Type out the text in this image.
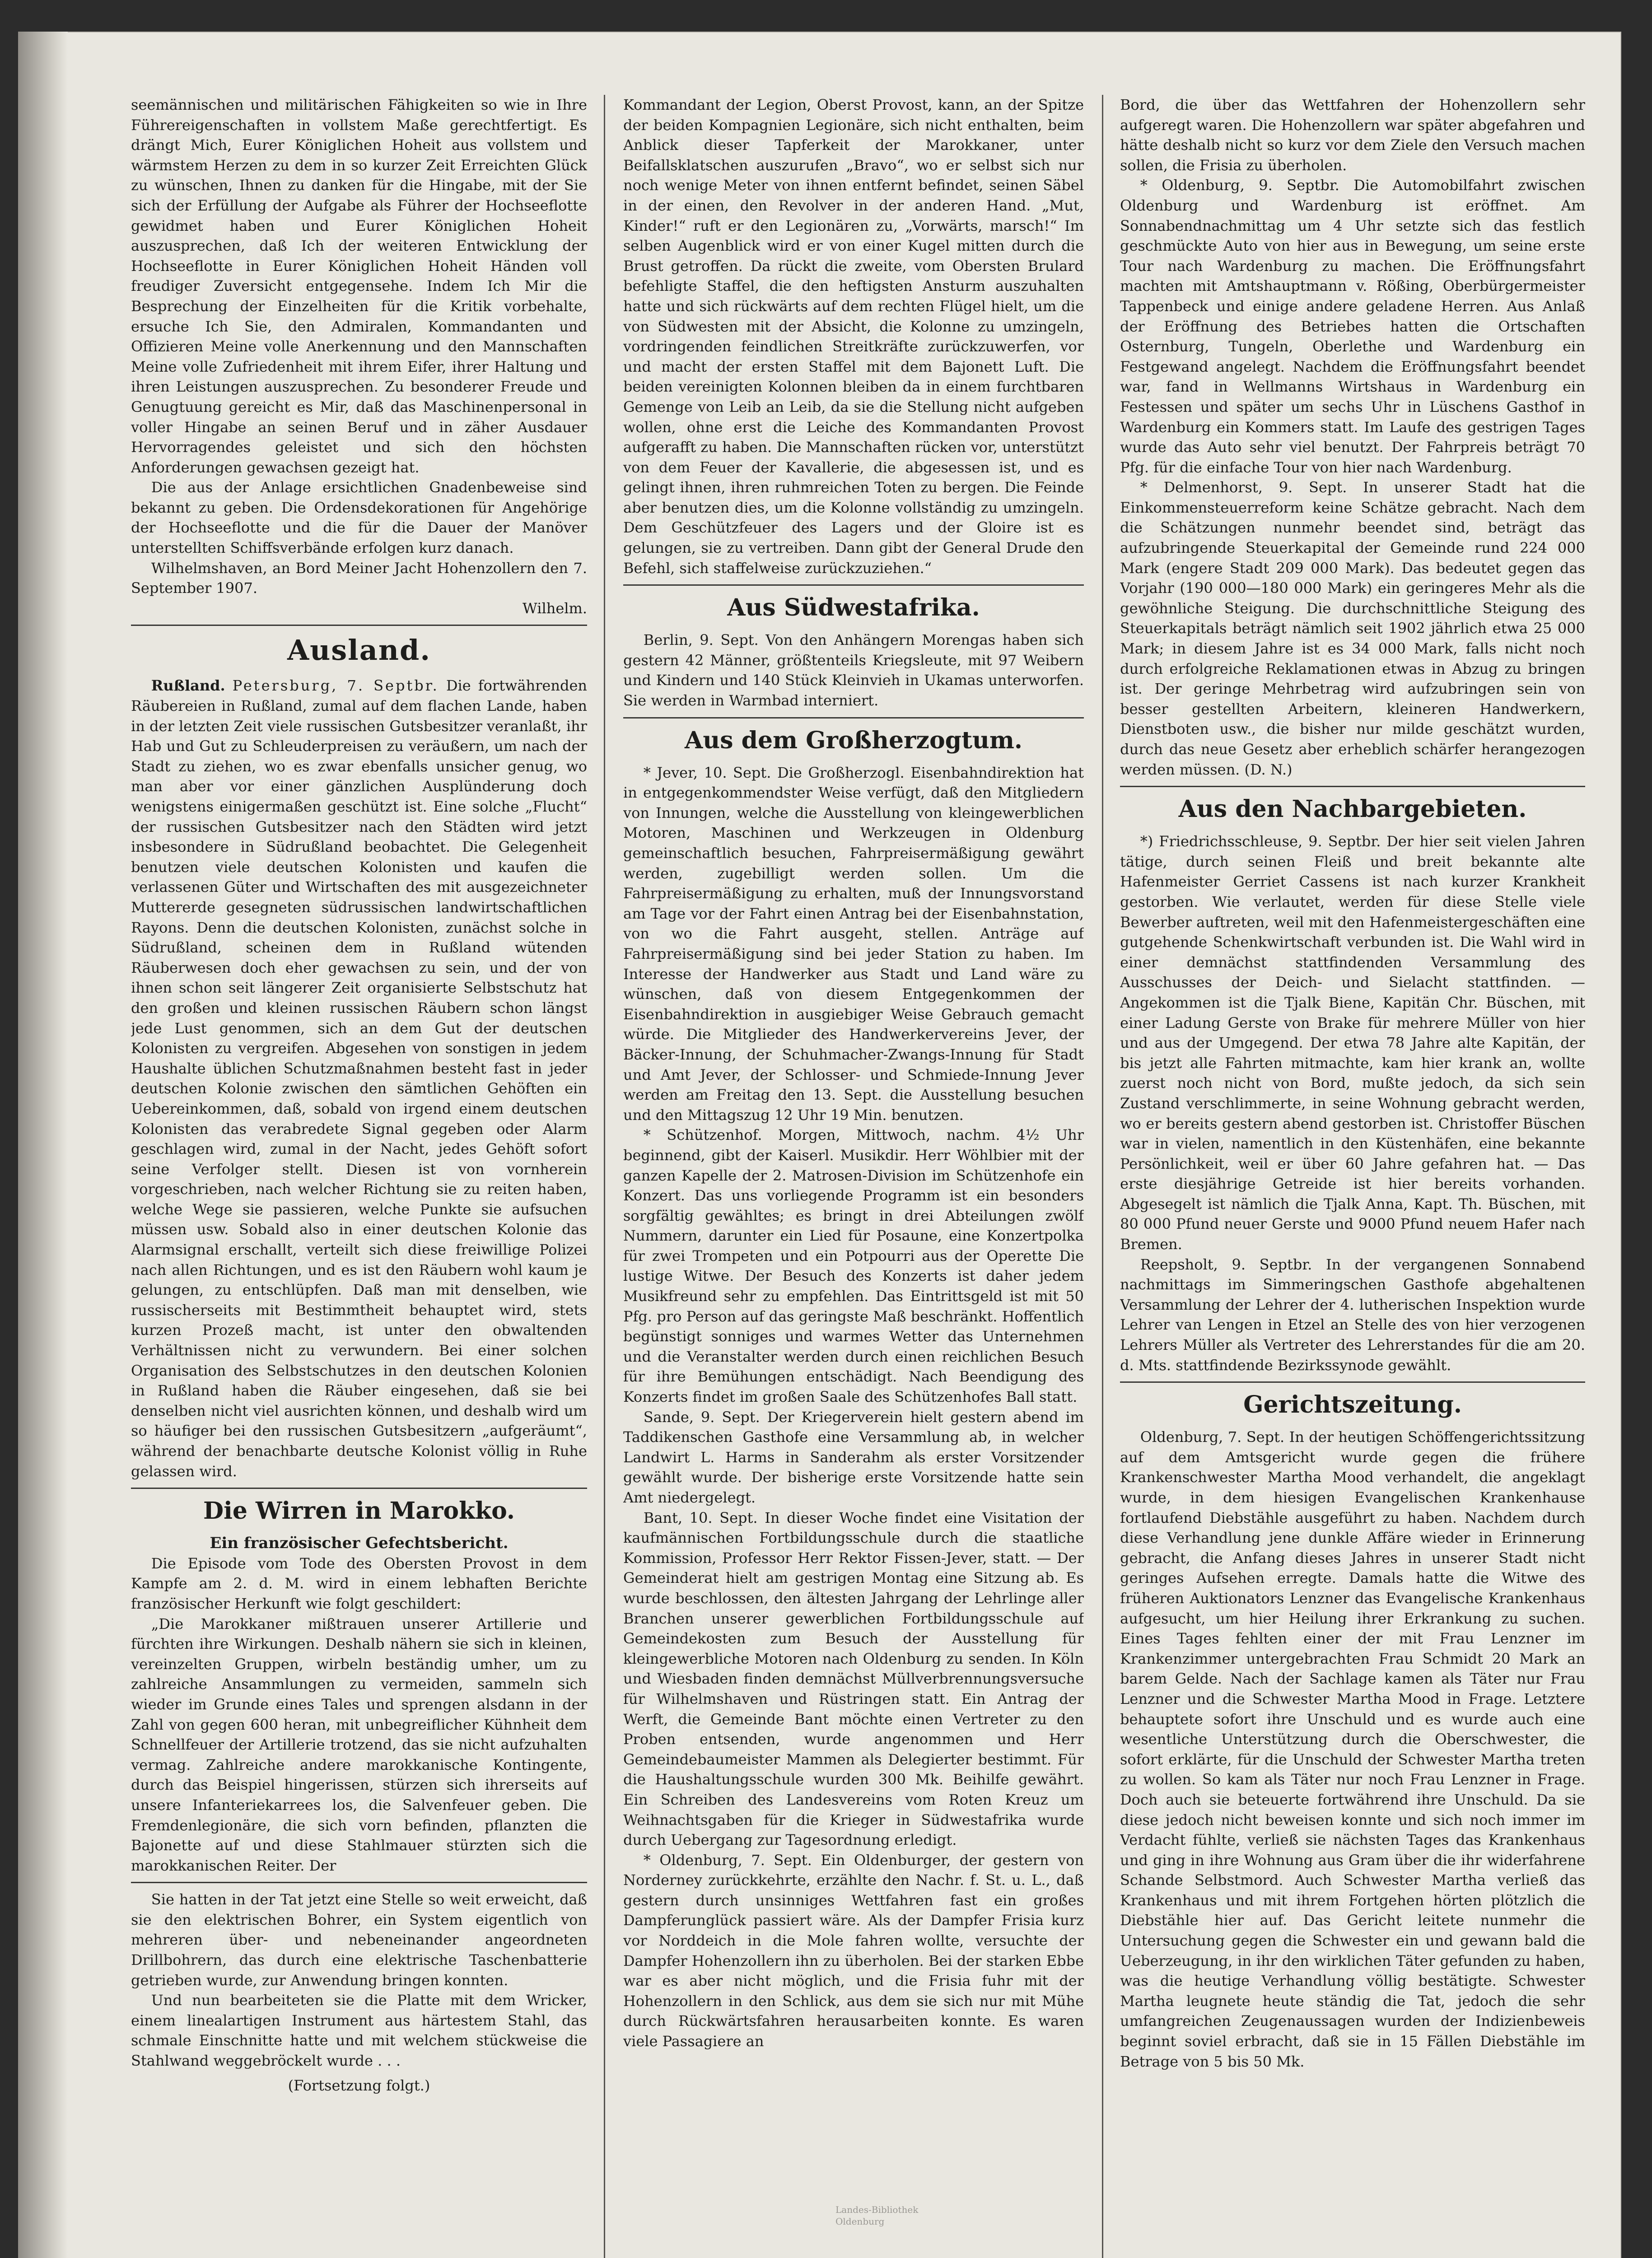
seemännischen und militärischen Fähigkeiten so wie in Ihre Führereigenschaften in vollstem Maße gerechtfertigt. Es drängt Mich, Eurer Königlichen Hoheit aus vollstem und wärmstem Herzen zu dem in so kurzer Zeit Erreichten Glück zu wünschen, Ihnen zu danken für die Hingabe, mit der Sie sich der Erfüllung der Aufgabe als Führer der Hochseeflotte gewidmet haben und Eurer Königlichen Hoheit auszusprechen, daß Ich der weiteren Entwicklung der Hochseeflotte in Eurer Königlichen Hoheit Händen voll freudiger Zuversicht entgegensehe. Indem Ich Mir die Besprechung der Einzelheiten für die Kritik vorbehalte, ersuche Ich Sie, den Admiralen, Kommandanten und Offizieren Meine volle Anerkennung und den Mannschaften Meine volle Zufriedenheit mit ihrem Eifer, ihrer Haltung und ihren Leistungen auszusprechen. Zu besonderer Freude und Genugtuung gereicht es Mir, daß das Maschinenpersonal in voller Hingabe an seinen Beruf und in zäher Ausdauer Hervorragendes geleistet und sich den höchsten Anforderungen gewachsen gezeigt hat.

Die aus der Anlage ersichtlichen Gnadenbeweise sind bekannt zu geben. Die Ordensdekorationen für Angehörige der Hochseeflotte und die für die Dauer der Manöver unterstellten Schiffsverbände erfolgen kurz danach.

Wilhelmshaven, an Bord Meiner Jacht Hohenzollern den 7. September 1907.

Wilhelm.

Ausland.

Rußland. Petersburg, 7. Septbr. Die fortwährenden Räubereien in Rußland, zumal auf dem flachen Lande, haben in der letzten Zeit viele russischen Gutsbesitzer veranlaßt, ihr Hab und Gut zu Schleuderpreisen zu veräußern, um nach der Stadt zu ziehen, wo es zwar ebenfalls unsicher genug, wo man aber vor einer gänzlichen Ausplünderung doch wenigstens einigermaßen geschützt ist. Eine solche „Flucht“ der russischen Gutsbesitzer nach den Städten wird jetzt insbesondere in Südrußland beobachtet. Die Gelegenheit benutzen viele deutschen Kolonisten und kaufen die verlassenen Güter und Wirtschaften des mit ausgezeichneter Muttererde gesegneten südrussischen landwirtschaftlichen Rayons. Denn die deutschen Kolonisten, zunächst solche in Südrußland, scheinen dem in Rußland wütenden Räuberwesen doch eher gewachsen zu sein, und der von ihnen schon seit längerer Zeit organisierte Selbstschutz hat den großen und kleinen russischen Räubern schon längst jede Lust genommen, sich an dem Gut der deutschen Kolonisten zu vergreifen. Abgesehen von sonstigen in jedem Haushalte üblichen Schutzmaßnahmen besteht fast in jeder deutschen Kolonie zwischen den sämtlichen Gehöften ein Uebereinkommen, daß, sobald von irgend einem deutschen Kolonisten das verabredete Signal gegeben oder Alarm geschlagen wird, zumal in der Nacht, jedes Gehöft sofort seine Verfolger stellt. Diesen ist von vornherein vorgeschrieben, nach welcher Richtung sie zu reiten haben, welche Wege sie passieren, welche Punkte sie aufsuchen müssen usw. Sobald also in einer deutschen Kolonie das Alarmsignal erschallt, verteilt sich diese freiwillige Polizei nach allen Richtungen, und es ist den Räubern wohl kaum je gelungen, zu entschlüpfen. Daß man mit denselben, wie russischerseits mit Bestimmtheit behauptet wird, stets kurzen Prozeß macht, ist unter den obwaltenden Verhältnissen nicht zu verwundern. Bei einer solchen Organisation des Selbstschutzes in den deutschen Kolonien in Rußland haben die Räuber eingesehen, daß sie bei denselben nicht viel ausrichten können, und deshalb wird um so häufiger bei den russischen Gutsbesitzern „aufgeräumt“, während der benachbarte deutsche Kolonist völlig in Ruhe gelassen wird.

Die Wirren in Marokko.
Ein französischer Gefechtsbericht.

Die Episode vom Tode des Obersten Provost in dem Kampfe am 2. d. M. wird in einem lebhaften Berichte französischer Herkunft wie folgt geschildert:

„Die Marokkaner mißtrauen unserer Artillerie und fürchten ihre Wirkungen. Deshalb nähern sie sich in kleinen, vereinzelten Gruppen, wirbeln beständig umher, um zu zahlreiche Ansammlungen zu vermeiden, sammeln sich wieder im Grunde eines Tales und sprengen alsdann in der Zahl von gegen 600 heran, mit unbegreiflicher Kühnheit dem Schnellfeuer der Artillerie trotzend, das sie nicht aufzuhalten vermag. Zahlreiche andere marokkanische Kontingente, durch das Beispiel hingerissen, stürzen sich ihrerseits auf unsere Infanteriekarrees los, die Salvenfeuer geben. Die Fremdenlegionäre, die sich vorn befinden, pflanzten die Bajonette auf und diese Stahlmauer stürzten sich die marokkanischen Reiter. Der

Sie hatten in der Tat jetzt eine Stelle so weit erweicht, daß sie den elektrischen Bohrer, ein System eigentlich von mehreren über- und nebeneinander angeordneten Drillbohrern, das durch eine elektrische Taschenbatterie getrieben wurde, zur Anwendung bringen konnten.

Und nun bearbeiteten sie die Platte mit dem Wricker, einem linealartigen Instrument aus härtestem Stahl, das schmale Einschnitte hatte und mit welchem stückweise die Stahlwand weggebröckelt wurde . . .

(Fortsetzung folgt.)

Kommandant der Legion, Oberst Provost, kann, an der Spitze der beiden Kompagnien Legionäre, sich nicht enthalten, beim Anblick dieser Tapferkeit der Marokkaner, unter Beifallsklatschen auszurufen „Bravo“, wo er selbst sich nur noch wenige Meter von ihnen entfernt befindet, seinen Säbel in der einen, den Revolver in der anderen Hand. „Mut, Kinder!“ ruft er den Legionären zu, „Vorwärts, marsch!“ Im selben Augenblick wird er von einer Kugel mitten durch die Brust getroffen. Da rückt die zweite, vom Obersten Brulard befehligte Staffel, die den heftigsten Ansturm auszuhalten hatte und sich rückwärts auf dem rechten Flügel hielt, um die von Südwesten mit der Absicht, die Kolonne zu umzingeln, vordringenden feindlichen Streitkräfte zurückzuwerfen, vor und macht der ersten Staffel mit dem Bajonett Luft. Die beiden vereinigten Kolonnen bleiben da in einem furchtbaren Gemenge von Leib an Leib, da sie die Stellung nicht aufgeben wollen, ohne erst die Leiche des Kommandanten Provost aufgerafft zu haben. Die Mannschaften rücken vor, unterstützt von dem Feuer der Kavallerie, die abgesessen ist, und es gelingt ihnen, ihren ruhmreichen Toten zu bergen. Die Feinde aber benutzen dies, um die Kolonne vollständig zu umzingeln. Dem Geschützfeuer des Lagers und der Gloire ist es gelungen, sie zu vertreiben. Dann gibt der General Drude den Befehl, sich staffelweise zurückzuziehen.“

Aus Südwestafrika.

Berlin, 9. Sept. Von den Anhängern Morengas haben sich gestern 42 Männer, größtenteils Kriegsleute, mit 97 Weibern und Kindern und 140 Stück Kleinvieh in Ukamas unterworfen. Sie werden in Warmbad interniert.

Aus dem Großherzogtum.

* Jever, 10. Sept. Die Großherzogl. Eisenbahndirektion hat in entgegenkommendster Weise verfügt, daß den Mitgliedern von Innungen, welche die Ausstellung von kleingewerblichen Motoren, Maschinen und Werkzeugen in Oldenburg gemeinschaftlich besuchen, Fahrpreisermäßigung gewährt werden, zugebilligt werden sollen. Um die Fahrpreisermäßigung zu erhalten, muß der Innungsvorstand am Tage vor der Fahrt einen Antrag bei der Eisenbahnstation, von wo die Fahrt ausgeht, stellen. Anträge auf Fahrpreisermäßigung sind bei jeder Station zu haben. Im Interesse der Handwerker aus Stadt und Land wäre zu wünschen, daß von diesem Entgegenkommen der Eisenbahndirektion in ausgiebiger Weise Gebrauch gemacht würde. Die Mitglieder des Handwerkervereins Jever, der Bäcker-Innung, der Schuhmacher-Zwangs-Innung für Stadt und Amt Jever, der Schlosser- und Schmiede-Innung Jever werden am Freitag den 13. Sept. die Ausstellung besuchen und den Mittagszug 12 Uhr 19 Min. benutzen.

* Schützenhof. Morgen, Mittwoch, nachm. 4½ Uhr beginnend, gibt der Kaiserl. Musikdir. Herr Wöhlbier mit der ganzen Kapelle der 2. Matrosen-Division im Schützenhofe ein Konzert. Das uns vorliegende Programm ist ein besonders sorgfältig gewähltes; es bringt in drei Abteilungen zwölf Nummern, darunter ein Lied für Posaune, eine Konzertpolka für zwei Trompeten und ein Potpourri aus der Operette Die lustige Witwe. Der Besuch des Konzerts ist daher jedem Musikfreund sehr zu empfehlen. Das Eintrittsgeld ist mit 50 Pfg. pro Person auf das geringste Maß beschränkt. Hoffentlich begünstigt sonniges und warmes Wetter das Unternehmen und die Veranstalter werden durch einen reichlichen Besuch für ihre Bemühungen entschädigt. Nach Beendigung des Konzerts findet im großen Saale des Schützenhofes Ball statt.

Sande, 9. Sept. Der Kriegerverein hielt gestern abend im Taddikenschen Gasthofe eine Versammlung ab, in welcher Landwirt L. Harms in Sanderahm als erster Vorsitzender gewählt wurde. Der bisherige erste Vorsitzende hatte sein Amt niedergelegt.

Bant, 10. Sept. In dieser Woche findet eine Visitation der kaufmännischen Fortbildungsschule durch die staatliche Kommission, Professor Herr Rektor Fissen-Jever, statt. — Der Gemeinderat hielt am gestrigen Montag eine Sitzung ab. Es wurde beschlossen, den ältesten Jahrgang der Lehrlinge aller Branchen unserer gewerblichen Fortbildungsschule auf Gemeindekosten zum Besuch der Ausstellung für kleingewerbliche Motoren nach Oldenburg zu senden. In Köln und Wiesbaden finden demnächst Müllverbrennungsversuche für Wilhelmshaven und Rüstringen statt. Ein Antrag der Werft, die Gemeinde Bant möchte einen Vertreter zu den Proben entsenden, wurde angenommen und Herr Gemeindebaumeister Mammen als Delegierter bestimmt. Für die Haushaltungsschule wurden 300 Mk. Beihilfe gewährt. Ein Schreiben des Landesvereins vom Roten Kreuz um Weihnachtsgaben für die Krieger in Südwestafrika wurde durch Uebergang zur Tagesordnung erledigt.

* Oldenburg, 7. Sept. Ein Oldenburger, der gestern von Norderney zurückkehrte, erzählte den Nachr. f. St. u. L., daß gestern durch unsinniges Wettfahren fast ein großes Dampferunglück passiert wäre. Als der Dampfer Frisia kurz vor Norddeich in die Mole fahren wollte, versuchte der Dampfer Hohenzollern ihn zu überholen. Bei der starken Ebbe war es aber nicht möglich, und die Frisia fuhr mit der Hohenzollern in den Schlick, aus dem sie sich nur mit Mühe durch Rückwärtsfahren herausarbeiten konnte. Es waren viele Passagiere an

Bord, die über das Wettfahren der Hohenzollern sehr aufgeregt waren. Die Hohenzollern war später abgefahren und hätte deshalb nicht so kurz vor dem Ziele den Versuch machen sollen, die Frisia zu überholen.

* Oldenburg, 9. Septbr. Die Automobilfahrt zwischen Oldenburg und Wardenburg ist eröffnet. Am Sonnabendnachmittag um 4 Uhr setzte sich das festlich geschmückte Auto von hier aus in Bewegung, um seine erste Tour nach Wardenburg zu machen. Die Eröffnungsfahrt machten mit Amtshauptmann v. Rößing, Oberbürgermeister Tappenbeck und einige andere geladene Herren. Aus Anlaß der Eröffnung des Betriebes hatten die Ortschaften Osternburg, Tungeln, Oberlethe und Wardenburg ein Festgewand angelegt. Nachdem die Eröffnungsfahrt beendet war, fand in Wellmanns Wirtshaus in Wardenburg ein Festessen und später um sechs Uhr in Lüschens Gasthof in Wardenburg ein Kommers statt. Im Laufe des gestrigen Tages wurde das Auto sehr viel benutzt. Der Fahrpreis beträgt 70 Pfg. für die einfache Tour von hier nach Wardenburg.

* Delmenhorst, 9. Sept. In unserer Stadt hat die Einkommensteuerreform keine Schätze gebracht. Nach dem die Schätzungen nunmehr beendet sind, beträgt das aufzubringende Steuerkapital der Gemeinde rund 224 000 Mark (engere Stadt 209 000 Mark). Das bedeutet gegen das Vorjahr (190 000—180 000 Mark) ein geringeres Mehr als die gewöhnliche Steigung. Die durchschnittliche Steigung des Steuerkapitals beträgt nämlich seit 1902 jährlich etwa 25 000 Mark; in diesem Jahre ist es 34 000 Mark, falls nicht noch durch erfolgreiche Reklamationen etwas in Abzug zu bringen ist. Der geringe Mehrbetrag wird aufzubringen sein von besser gestellten Arbeitern, kleineren Handwerkern, Dienstboten usw., die bisher nur milde geschätzt wurden, durch das neue Gesetz aber erheblich schärfer herangezogen werden müssen. (D. N.)

Aus den Nachbargebieten.

*) Friedrichsschleuse, 9. Septbr. Der hier seit vielen Jahren tätige, durch seinen Fleiß und breit bekannte alte Hafenmeister Gerriet Cassens ist nach kurzer Krankheit gestorben. Wie verlautet, werden für diese Stelle viele Bewerber auftreten, weil mit den Hafenmeistergeschäften eine gutgehende Schenkwirtschaft verbunden ist. Die Wahl wird in einer demnächst stattfindenden Versammlung des Ausschusses der Deich- und Sielacht stattfinden. — Angekommen ist die Tjalk Biene, Kapitän Chr. Büschen, mit einer Ladung Gerste von Brake für mehrere Müller von hier und aus der Umgegend. Der etwa 78 Jahre alte Kapitän, der bis jetzt alle Fahrten mitmachte, kam hier krank an, wollte zuerst noch nicht von Bord, mußte jedoch, da sich sein Zustand verschlimmerte, in seine Wohnung gebracht werden, wo er bereits gestern abend gestorben ist. Christoffer Büschen war in vielen, namentlich in den Küstenhäfen, eine bekannte Persönlichkeit, weil er über 60 Jahre gefahren hat. — Das erste diesjährige Getreide ist hier bereits vorhanden. Abgesegelt ist nämlich die Tjalk Anna, Kapt. Th. Büschen, mit 80 000 Pfund neuer Gerste und 9000 Pfund neuem Hafer nach Bremen.

Reepsholt, 9. Septbr. In der vergangenen Sonnabend nachmittags im Simmeringschen Gasthofe abgehaltenen Versammlung der Lehrer der 4. lutherischen Inspektion wurde Lehrer van Lengen in Etzel an Stelle des von hier verzogenen Lehrers Müller als Vertreter des Lehrerstandes für die am 20. d. Mts. stattfindende Bezirkssynode gewählt.

Gerichtszeitung.

Oldenburg, 7. Sept. In der heutigen Schöffengerichtssitzung auf dem Amtsgericht wurde gegen die frühere Krankenschwester Martha Mood verhandelt, die angeklagt wurde, in dem hiesigen Evangelischen Krankenhause fortlaufend Diebstähle ausgeführt zu haben. Nachdem durch diese Verhandlung jene dunkle Affäre wieder in Erinnerung gebracht, die Anfang dieses Jahres in unserer Stadt nicht geringes Aufsehen erregte. Damals hatte die Witwe des früheren Auktionators Lenzner das Evangelische Krankenhaus aufgesucht, um hier Heilung ihrer Erkrankung zu suchen. Eines Tages fehlten einer der mit Frau Lenzner im Krankenzimmer untergebrachten Frau Schmidt 20 Mark an barem Gelde. Nach der Sachlage kamen als Täter nur Frau Lenzner und die Schwester Martha Mood in Frage. Letztere behauptete sofort ihre Unschuld und es wurde auch eine wesentliche Unterstützung durch die Oberschwester, die sofort erklärte, für die Unschuld der Schwester Martha treten zu wollen. So kam als Täter nur noch Frau Lenzner in Frage. Doch auch sie beteuerte fortwährend ihre Unschuld. Da sie diese jedoch nicht beweisen konnte und sich noch immer im Verdacht fühlte, verließ sie nächsten Tages das Krankenhaus und ging in ihre Wohnung aus Gram über die ihr widerfahrene Schande Selbstmord. Auch Schwester Martha verließ das Krankenhaus und mit ihrem Fortgehen hörten plötzlich die Diebstähle hier auf. Das Gericht leitete nunmehr die Untersuchung gegen die Schwester ein und gewann bald die Ueberzeugung, in ihr den wirklichen Täter gefunden zu haben, was die heutige Verhandlung völlig bestätigte. Schwester Martha leugnete heute ständig die Tat, jedoch die sehr umfangreichen Zeugenaussagen wurden der Indizienbeweis beginnt soviel erbracht, daß sie in 15 Fällen Diebstähle im Betrage von 5 bis 50 Mk.

Landes-Bibliothek
Oldenburg
